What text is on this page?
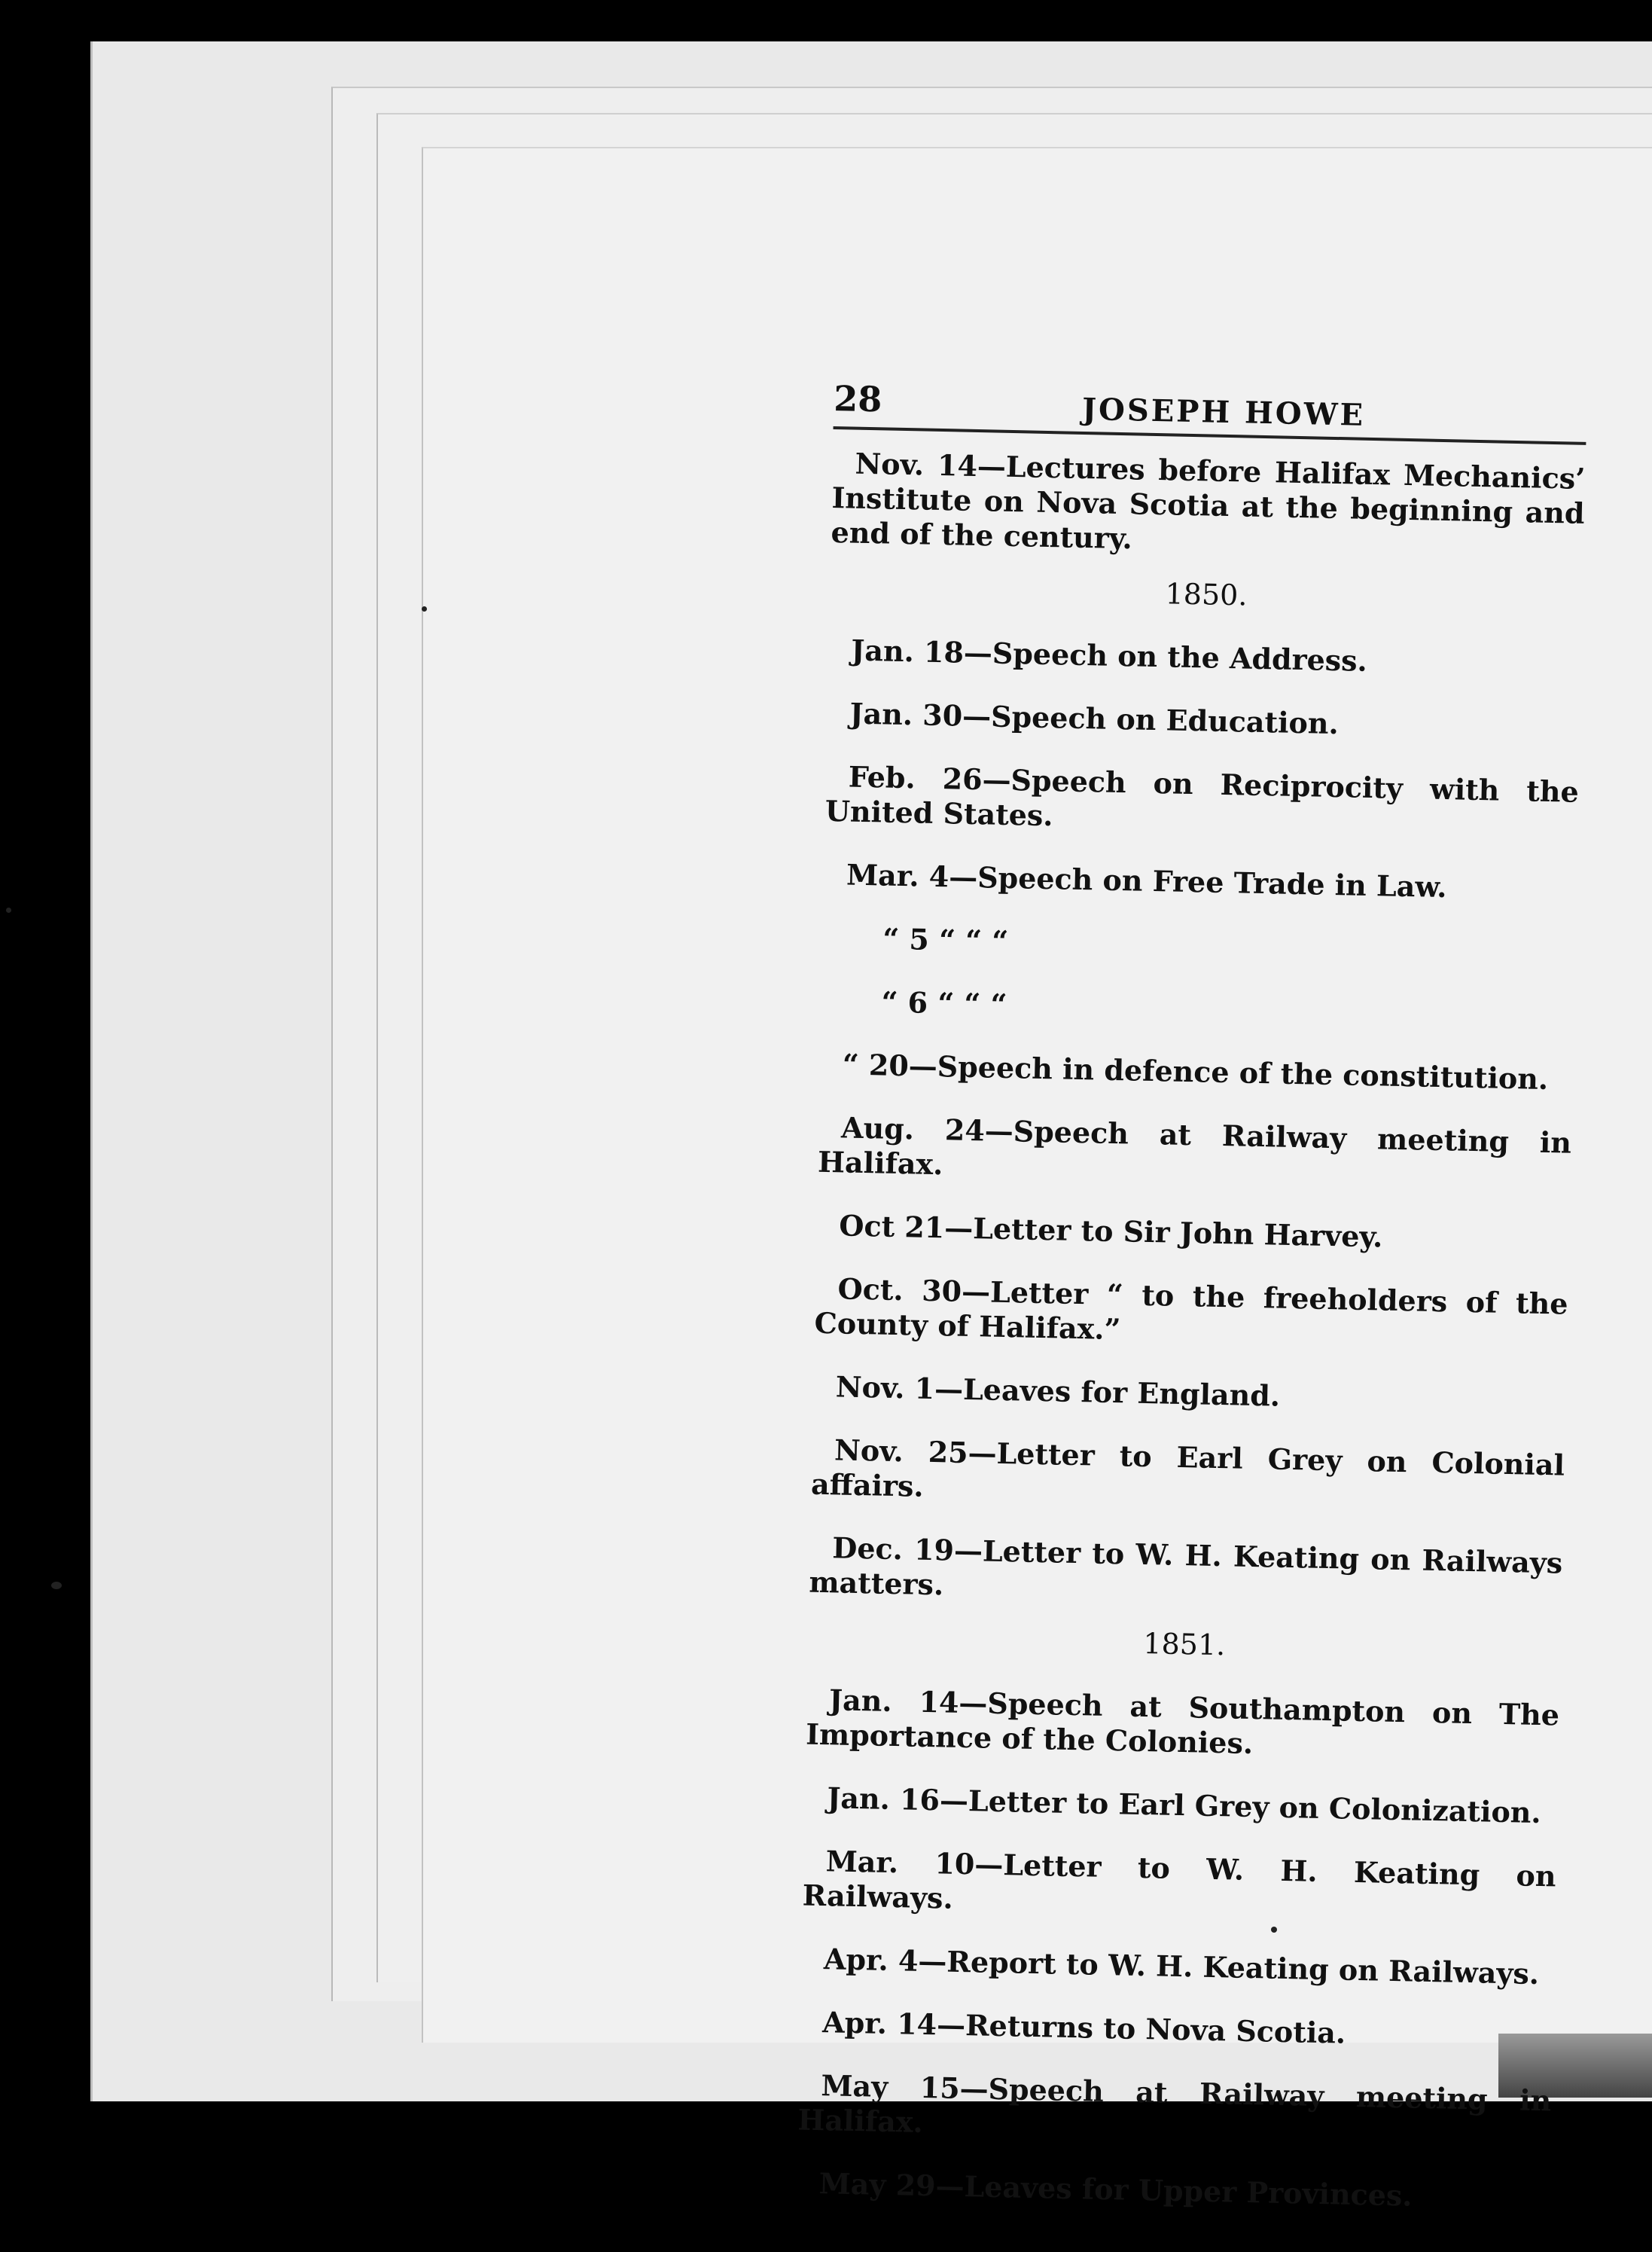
28	JOSEPH HOWE

Nov. 14—Lectures before Halifax Mechanics’ Institute on Nova Scotia at the beginning and end of the century.

1850.

Jan. 18—Speech on the Address.

Jan. 30—Speech on Education.

Feb. 26—Speech on Reciprocity with the United States.

Mar. 4—Speech on Free Trade in Law.

“ 5 “ “ “

“ 6 “ “ “

“ 20—Speech in defence of the constitution.

Aug. 24—Speech at Railway meeting in Halifax.

Oct 21—Letter to Sir John Harvey.

Oct. 30—Letter “ to the freeholders of the County of Halifax.”

Nov. 1—Leaves for England.

Nov. 25—Letter to Earl Grey on Colonial affairs.

Dec. 19—Letter to W. H. Keating on Railways matters.

1851.

Jan. 14—Speech at Southampton on The Importance of the Colonies.

Jan. 16—Letter to Earl Grey on Colonization.

Mar. 10—Letter to W. H. Keating on Railways.

Apr. 4—Report to W. H. Keating on Railways.

Apr. 14—Returns to Nova Scotia.

May 15—Speech at Railway meeting in Halifax.

May 29—Leaves for Upper Provinces.
